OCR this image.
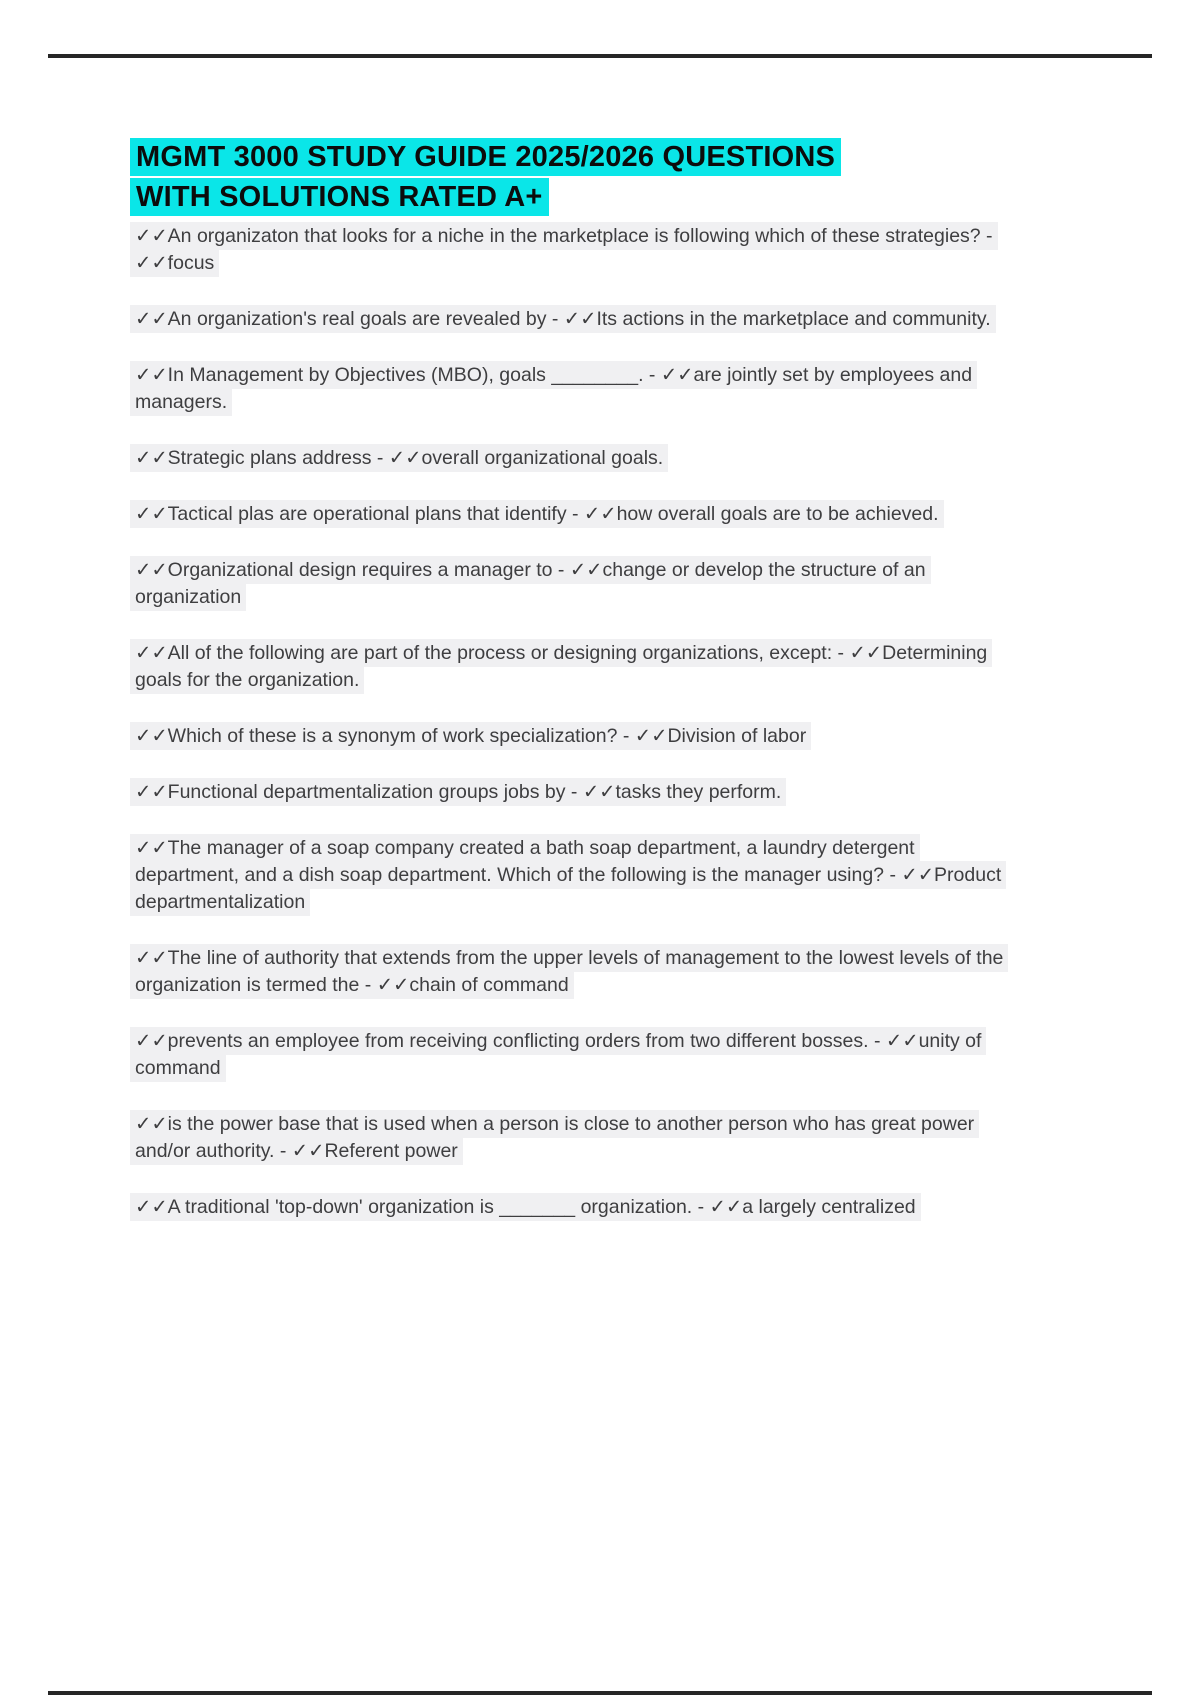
MGMT 3000 STUDY GUIDE 2025/2026 QUESTIONS
WITH SOLUTIONS RATED A+

✓✓An organizaton that looks for a niche in the marketplace is following which of these strategies? - ✓✓focus

✓✓An organization's real goals are revealed by - ✓✓Its actions in the marketplace and community.

✓✓In Management by Objectives (MBO), goals ________. - ✓✓are jointly set by employees and managers.

✓✓Strategic plans address - ✓✓overall organizational goals.

✓✓Tactical plas are operational plans that identify - ✓✓how overall goals are to be achieved.

✓✓Organizational design requires a manager to - ✓✓change or develop the structure of an organization

✓✓All of the following are part of the process or designing organizations, except: - ✓✓Determining goals for the organization.

✓✓Which of these is a synonym of work specialization? - ✓✓Division of labor

✓✓Functional departmentalization groups jobs by - ✓✓tasks they perform.

✓✓The manager of a soap company created a bath soap department, a laundry detergent department, and a dish soap department. Which of the following is the manager using? - ✓✓Product departmentalization

✓✓The line of authority that extends from the upper levels of management to the lowest levels of the organization is termed the - ✓✓chain of command

✓✓prevents an employee from receiving conflicting orders from two different bosses. - ✓✓unity of command

✓✓is the power base that is used when a person is close to another person who has great power and/or authority. - ✓✓Referent power

✓✓A traditional 'top-down' organization is _______ organization. - ✓✓a largely centralized
